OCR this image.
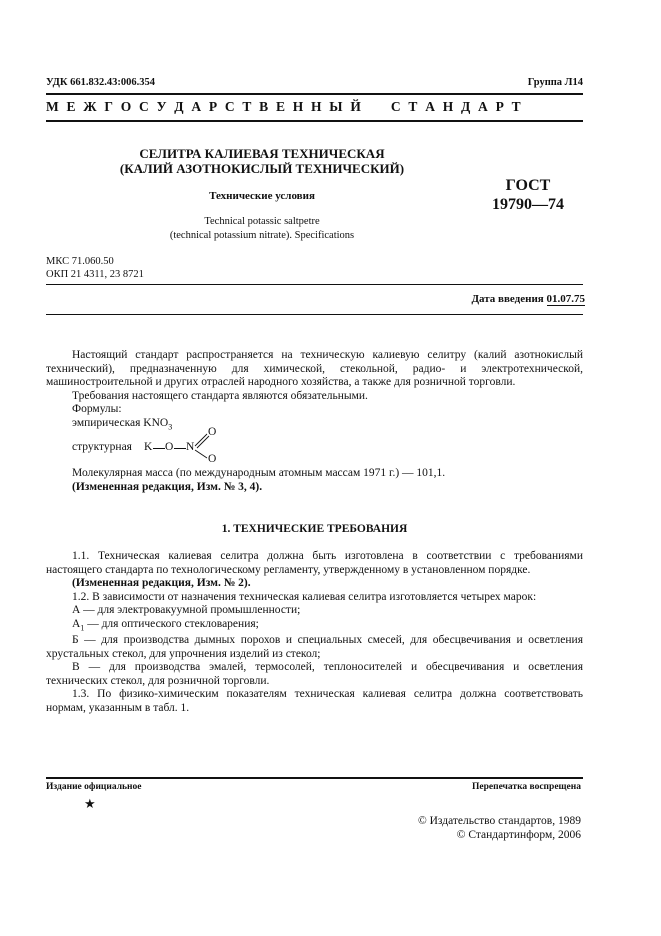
УДК 661.832.43:006.354	Группа Л14
М Е Ж Г О С У Д А Р С Т В Е Н Н Ы Й     С Т А Н Д А Р Т
СЕЛИТРА КАЛИЕВАЯ ТЕХНИЧЕСКАЯ
(КАЛИЙ АЗОТНОКИСЛЫЙ ТЕХНИЧЕСКИЙ)
Технические условия
Technical potassic saltpetre
(technical potassium nitrate). Specifications
ГОСТ
19790—74
МКС 71.060.50
ОКП 21 4311, 23 8721
Дата введения 01.07.75

Настоящий стандарт распространяется на техническую калиевую селитру (калий азотнокислый технический), предназначенную для химической, стекольной, радио- и электротехнической, машиностроительной и других отраслей народного хозяйства, а также для розничной торговли.

Требования настоящего стандарта являются обязательными.

Формулы:

эмпирическая $KNO_3$

структурная K O N
O
O

Молекулярная масса (по международным атомным массам 1971 г.) — 101,1.

(Измененная редакция, Изм. № 3, 4).

1. ТЕХНИЧЕСКИЕ ТРЕБОВАНИЯ

1.1. Техническая калиевая селитра должна быть изготовлена в соответствии с требованиями настоящего стандарта по технологическому регламенту, утвержденному в установленном порядке.

(Измененная редакция, Изм. № 2).

1.2. В зависимости от назначения техническая калиевая селитра изготовляется четырех марок:

А — для электровакуумной промышленности;

$А_1$ — для оптического стекловарения;

Б — для производства дымных порохов и специальных смесей, для обесцвечивания и осветления хрустальных стекол, для упрочнения изделий из стекол;

В — для производства эмалей, термосолей, теплоносителей и обесцвечивания и осветления технических стекол, для розничной торговли.

1.3. По физико-химическим показателям техническая калиевая селитра должна соответствовать нормам, указанным в табл. 1.

Издание официальное	Перепечатка воспрещена
★
© Издательство стандартов, 1989
© Стандартинформ, 2006
